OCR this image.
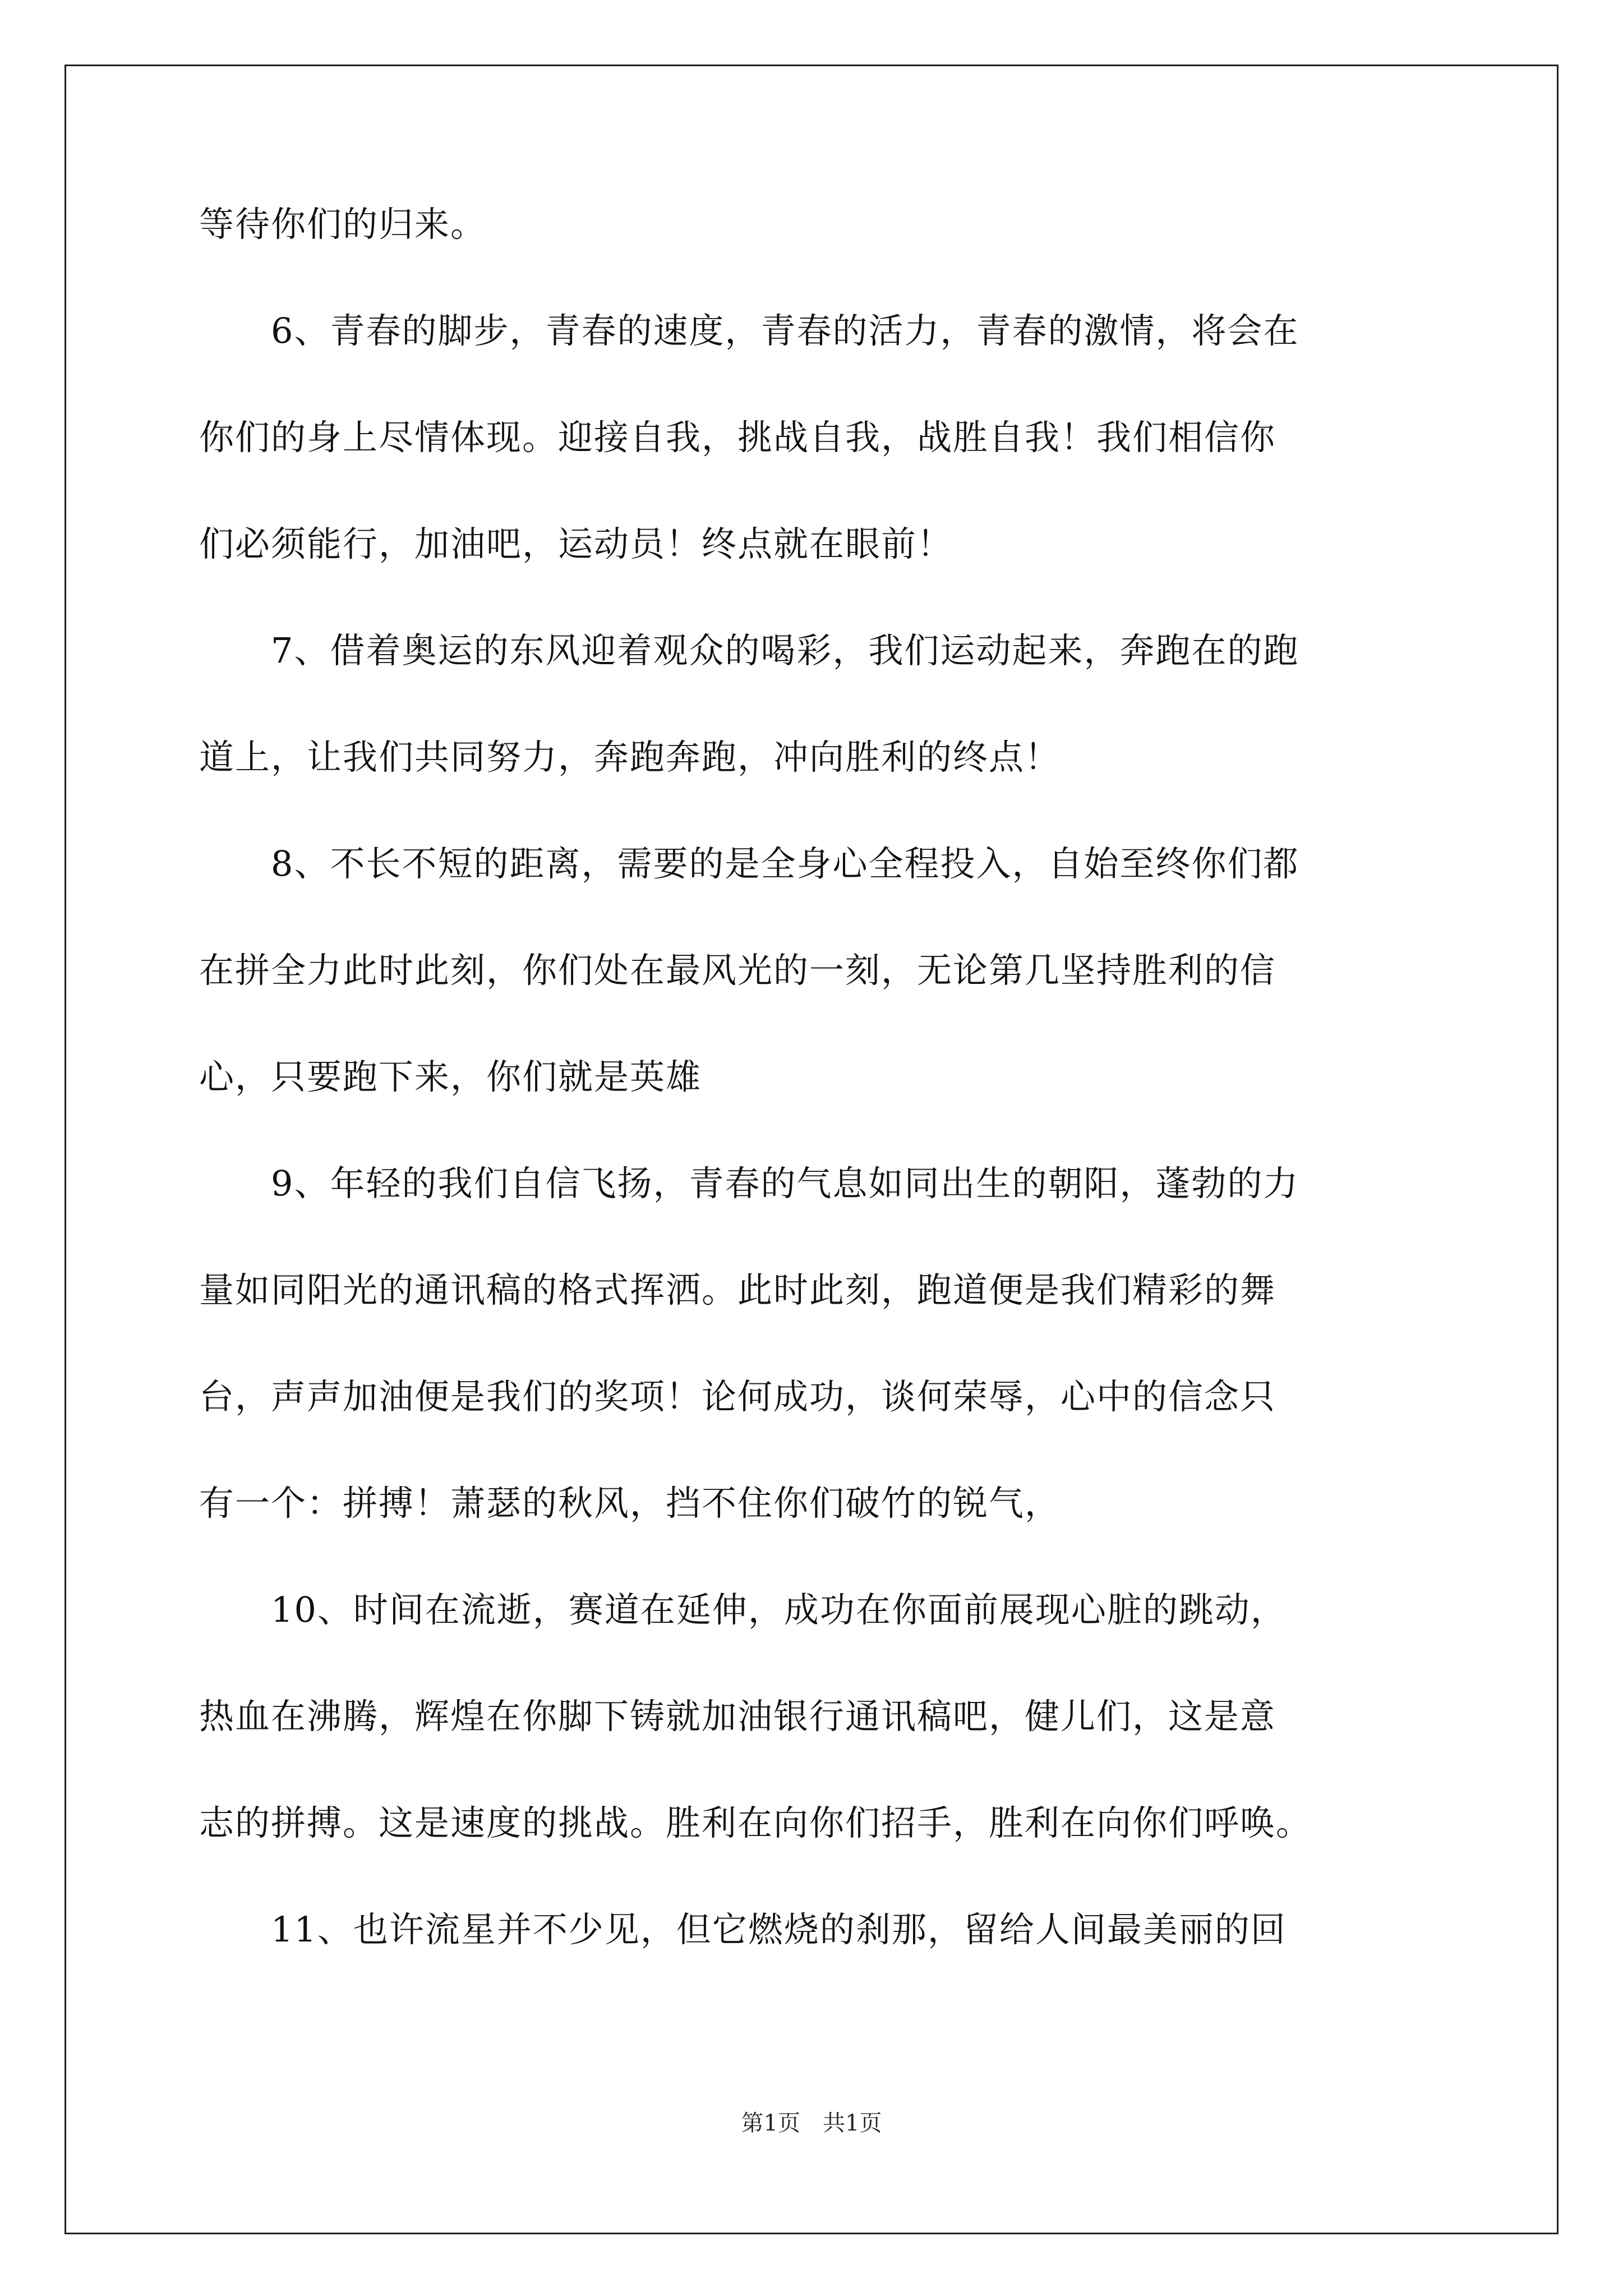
等待你们的归来。
　　6、青春的脚步，青春的速度，青春的活力，青春的激情，将会在
你们的身上尽情体现。迎接自我，挑战自我，战胜自我！我们相信你
们必须能行，加油吧，运动员！终点就在眼前！
　　7、借着奥运的东风迎着观众的喝彩，我们运动起来，奔跑在的跑
道上，让我们共同努力，奔跑奔跑，冲向胜利的终点！
　　8、不长不短的距离，需要的是全身心全程投入，自始至终你们都
在拼全力此时此刻，你们处在最风光的一刻，无论第几坚持胜利的信
心，只要跑下来，你们就是英雄
　　9、年轻的我们自信飞扬，青春的气息如同出生的朝阳，蓬勃的力
量如同阳光的通讯稿的格式挥洒。此时此刻，跑道便是我们精彩的舞
台，声声加油便是我们的奖项！论何成功，谈何荣辱，心中的信念只
有一个：拼搏！萧瑟的秋风，挡不住你们破竹的锐气，
　　10、时间在流逝，赛道在延伸，成功在你面前展现心脏的跳动，
热血在沸腾，辉煌在你脚下铸就加油银行通讯稿吧，健儿们，这是意
志的拼搏。这是速度的挑战。胜利在向你们招手，胜利在向你们呼唤。
　　11、也许流星并不少见，但它燃烧的刹那，留给人间最美丽的回
第1页　共1页
